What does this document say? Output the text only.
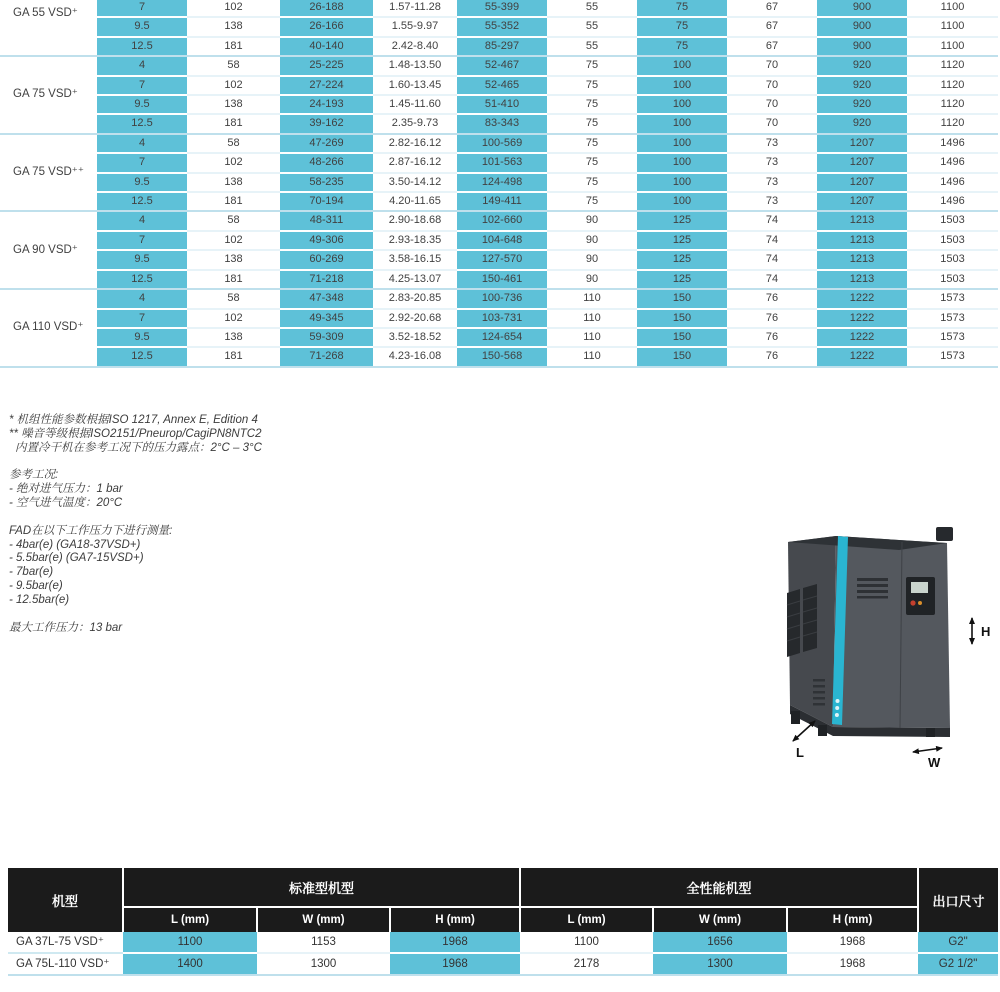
GA 55 VSD⁺	7	102	26-188	1.57-11.28	55-399	55	75	67	900	1100
	9.5	138	26-166	1.55-9.97	55-352	55	75	67	900	1100
	12.5	181	40-140	2.42-8.40	85-297	55	75	67	900	1100
GA 75 VSD⁺	4	58	25-225	1.48-13.50	52-467	75	100	70	920	1120
	7	102	27-224	1.60-13.45	52-465	75	100	70	920	1120
	9.5	138	24-193	1.45-11.60	51-410	75	100	70	920	1120
	12.5	181	39-162	2.35-9.73	83-343	75	100	70	920	1120
GA 75 VSD⁺⁺	4	58	47-269	2.82-16.12	100-569	75	100	73	1207	1496
	7	102	48-266	2.87-16.12	101-563	75	100	73	1207	1496
	9.5	138	58-235	3.50-14.12	124-498	75	100	73	1207	1496
	12.5	181	70-194	4.20-11.65	149-411	75	100	73	1207	1496
GA 90 VSD⁺	4	58	48-311	2.90-18.68	102-660	90	125	74	1213	1503
	7	102	49-306	2.93-18.35	104-648	90	125	74	1213	1503
	9.5	138	60-269	3.58-16.15	127-570	90	125	74	1213	1503
	12.5	181	71-218	4.25-13.07	150-461	90	125	74	1213	1503
GA 110 VSD⁺	4	58	47-348	2.83-20.85	100-736	110	150	76	1222	1573
	7	102	49-345	2.92-20.68	103-731	110	150	76	1222	1573
	9.5	138	59-309	3.52-18.52	124-654	110	150	76	1222	1573
	12.5	181	71-268	4.23-16.08	150-568	110	150	76	1222	1573
* 机组性能参数根据ISO 1217, Annex E, Edition 4
** 噪音等级根据ISO2151/Pneurop/CagiPN8NTC2
内置冷干机在参考工况下的压力露点：2°C – 3°C
参考工况:
- 绝对进气压力：1 bar
- 空气进气温度：20°C
FAD在以下工作压力下进行测量:
- 4bar(e) (GA18-37VSD+)
- 5.5bar(e) (GA7-15VSD+)
- 7bar(e)
- 9.5bar(e)
- 12.5bar(e)
最大工作压力：13 bar	H
L
W
机型	标准型机型			全性能机型			出口尺寸
	L (mm)	W (mm)	H (mm)	L (mm)	W (mm)	H (mm)	
GA 37L-75 VSD⁺	1100	1153	1968	1100	1656	1968	G2"
GA 75L-110 VSD⁺	1400	1300	1968	2178	1300	1968	G2 1/2"
